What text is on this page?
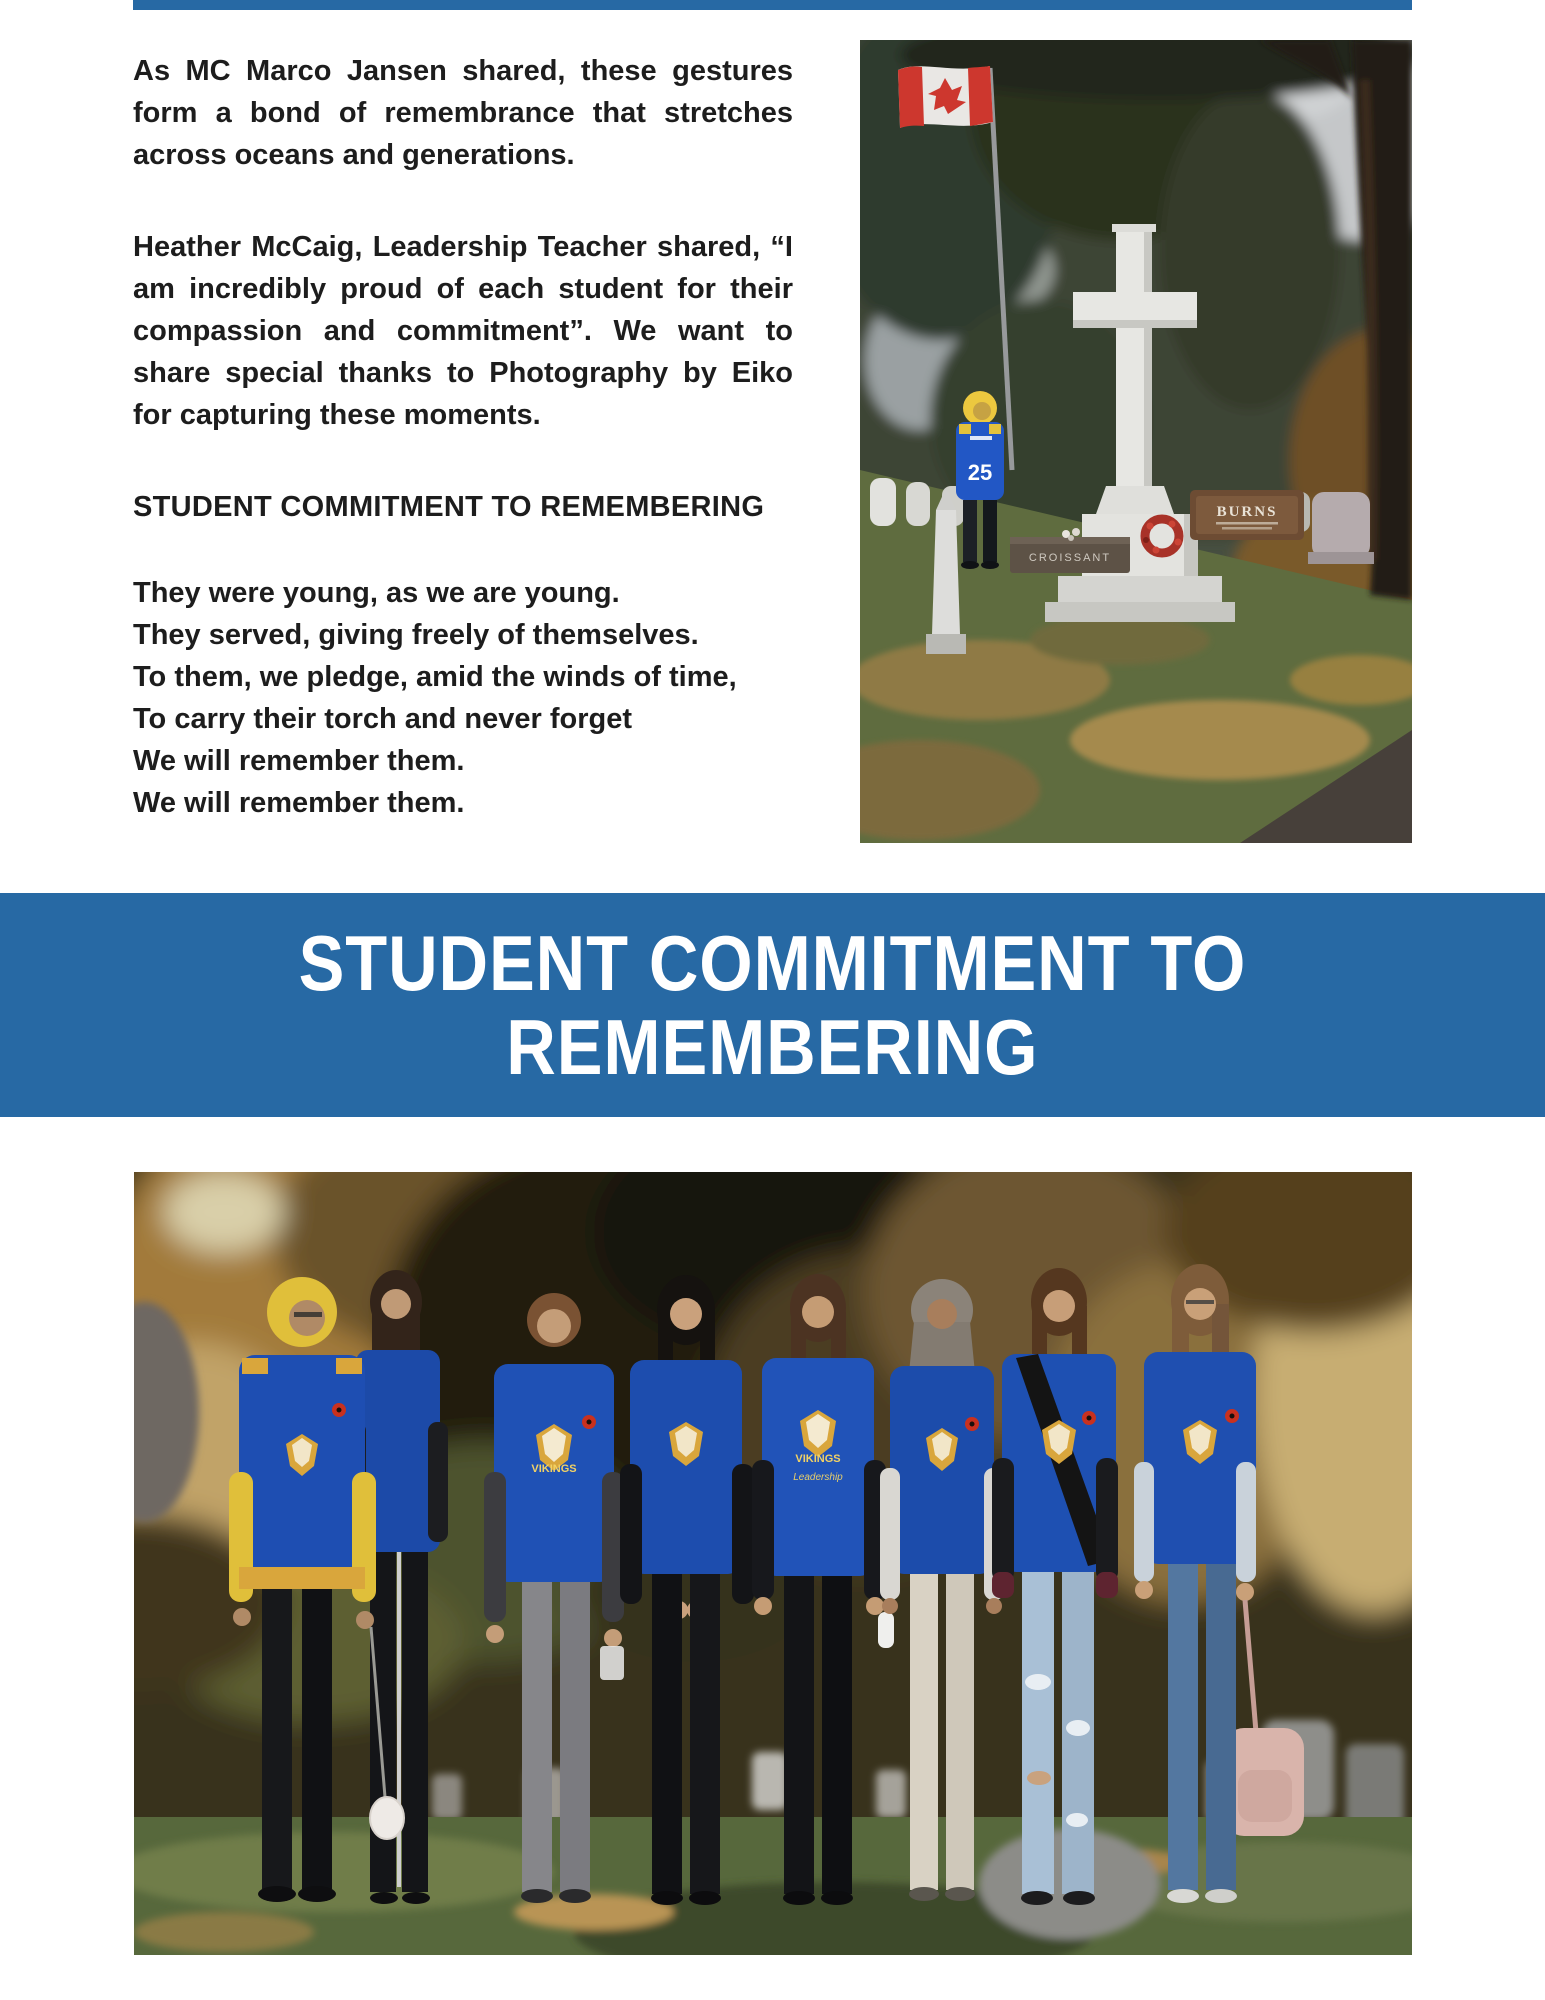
As MC Marco Jansen shared, these gestures form a bond of remembrance that stretches across oceans and generations.

Heather McCaig, Leadership Teacher shared, “I am incredibly proud of each student for their compassion and commitment”. We want to share special thanks to Photography by Eiko for capturing these moments.

STUDENT COMMITMENT TO REMEMBERING
They were young, as we are young.
They served, giving freely of themselves.
To them, we pledge, amid the winds of time,
To carry their torch and never forget
We will remember them.
We will remember them.
25
BURNS
CROISSANT
STUDENT COMMITMENT TO
REMEMBERING
VIKINGS
VIKINGS
Leadership
